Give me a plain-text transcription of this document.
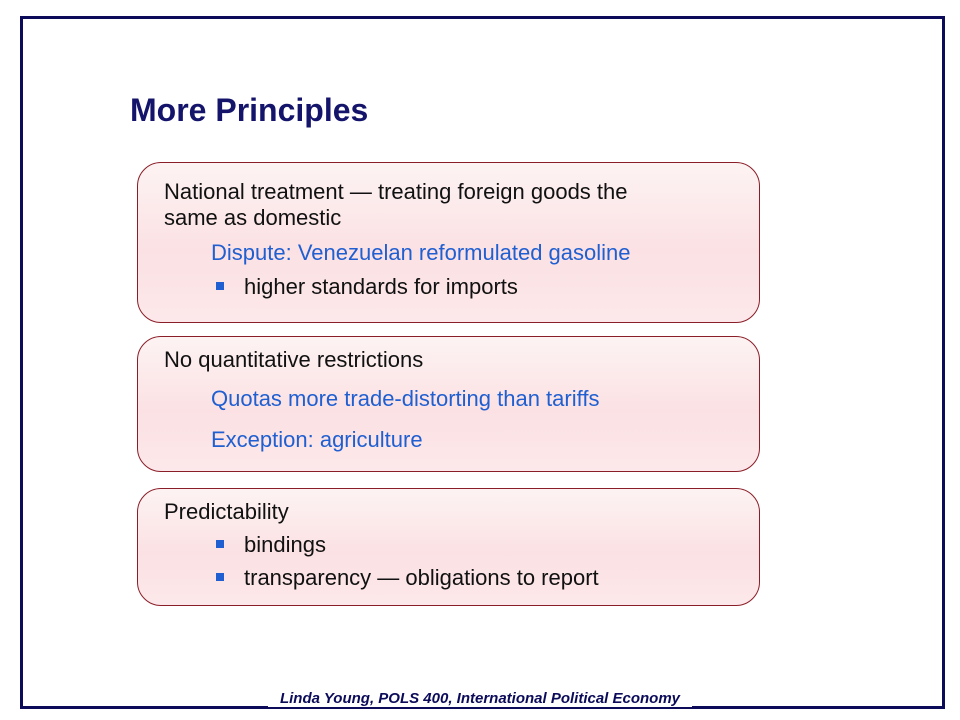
More Principles
National treatment — treating foreign goods the
same as domestic
Dispute: Venezuelan reformulated gasoline
higher standards for imports
No quantitative restrictions
Quotas more trade-distorting than tariffs
Exception: agriculture
Predictability
bindings
transparency — obligations to report
Linda Young, POLS 400, International Political Economy
